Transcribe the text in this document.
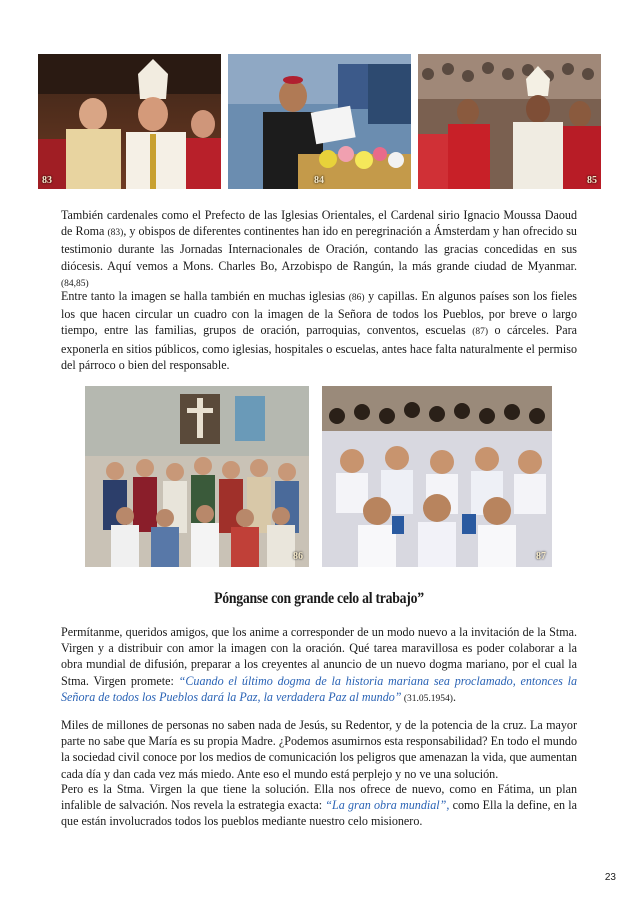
83	84	85

También cardenales como el Prefecto de las Iglesias Orientales, el Cardenal sirio Ignacio Moussa Daoud de Roma (83), y obispos de diferentes continentes han ido en peregrinación a Ámsterdam y han ofrecido su testimonio durante las Jornadas Internacionales de Oración, contando las gracias concedidas en sus diócesis. Aquí vemos a Mons. Charles Bo, Arzobispo de Rangún, la más grande ciudad de Myanmar. (84,85)

Entre tanto la imagen se halla también en muchas iglesias (86) y capillas. En algunos países son los fieles los que hacen circular un cuadro con la imagen de la Señora de todos los Pueblos, por breve o largo tiempo, entre las familias, grupos de oración, parroquias, conventos, escuelas (87) o cárceles. Para exponerla en sitios públicos, como iglesias, hospitales o escuelas, antes hace falta naturalmente el permiso del párroco o bien del responsable.

86	87
Pónganse con grande celo al trabajo”

Permítanme, queridos amigos, que los anime a corresponder de un modo nuevo a la invitación de la Stma. Virgen y a distribuir con amor la imagen con la oración. Qué tarea maravillosa es poder colaborar a la obra mundial de difusión, preparar a los creyentes al anuncio de un nuevo dogma mariano, por el cual la Stma. Virgen promete: “Cuando el último dogma de la historia mariana sea proclamado, entonces la Señora de todos los Pueblos dará la Paz, la verdadera Paz al mundo” (31.05.1954).

Miles de millones de personas no saben nada de Jesús, su Redentor, y de la potencia de la cruz. La mayor parte no sabe que María es su propia Madre. ¿Podemos asumirnos esta responsabilidad? En todo el mundo la sociedad civil conoce por los medios de comunicación los peligros que amenazan la vida, que aumentan cada día y dan cada vez más miedo. Ante eso el mundo está perplejo y no ve una solución.

Pero es la Stma. Virgen la que tiene la solución. Ella nos ofrece de nuevo, como en Fátima, un plan infalible de salvación. Nos revela la estrategia exacta: “La gran obra mundial”, como Ella la define, en la que están involucrados todos los pueblos mediante nuestro celo misionero.

23
